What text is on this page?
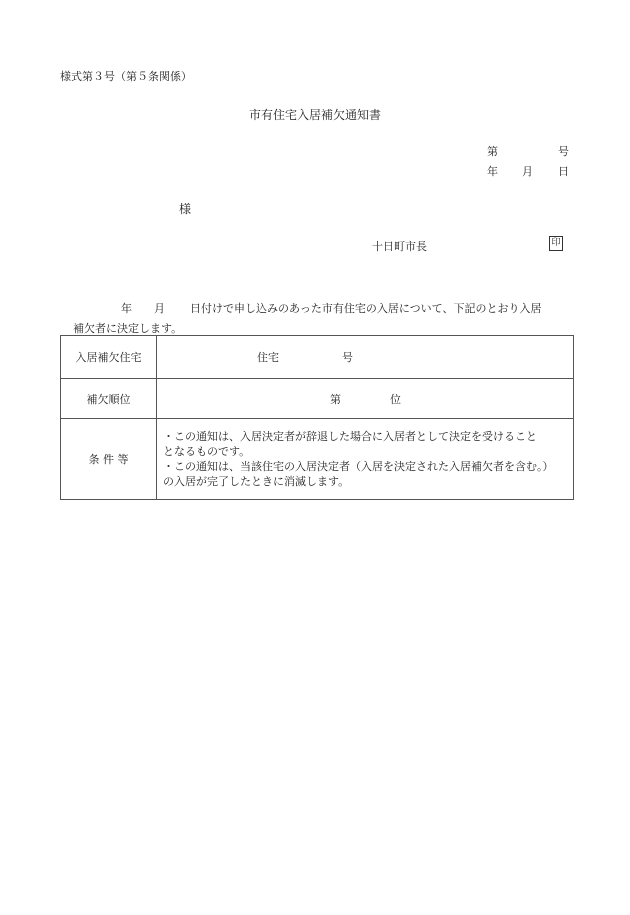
様式第３号（第５条関係）
市有住宅入居補欠通知書
第	号
年 月 日
様
十日町市長	印
年 月 日付けで申し込みのあった市有住宅の入居について、下記のとおり入居
補欠者に決定します。
入居補欠住宅	住宅 号

補欠順位	第 位

条 件 等	・この通知は、入居決定者が辞退した場合に入居者として決定を受けること
となるものです。
・この通知は、当該住宅の入居決定者（入居を決定された入居補欠者を含む。）
の入居が完了したときに消滅します。
